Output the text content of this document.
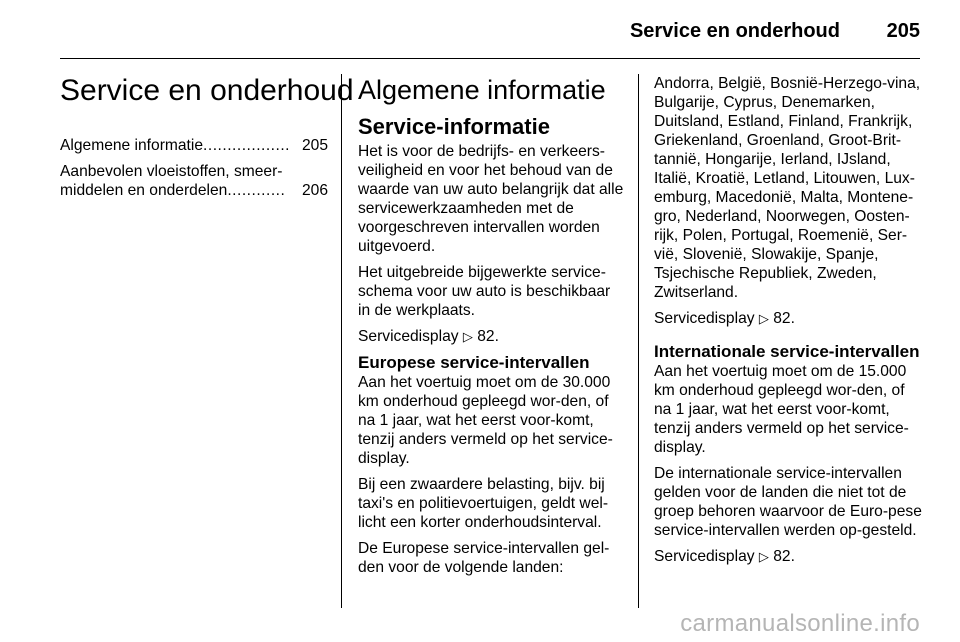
Service en onderhoud 205
Service en onderhoud
Algemene informatie .................. 205
Aanbevolen vloeistoffen, smeer-
middelen en onderdelen ............	206
Algemene informatie
Service-informatie

Het is voor de bedrijfs- en verkeers-veiligheid en voor het behoud van de waarde van uw auto belangrijk dat alle servicewerkzaamheden met de voorgeschreven intervallen worden uitgevoerd.

Het uitgebreide bijgewerkte service-schema voor uw auto is beschikbaar in de werkplaats.

Servicedisplay ▷ 82.

Europese service-intervallen

Aan het voertuig moet om de 30.000 km onderhoud gepleegd wor-den, of na 1 jaar, wat het eerst voor-komt, tenzij anders vermeld op het service-display.

Bij een zwaardere belasting, bijv. bij taxi's en politievoertuigen, geldt wel-licht een korter onderhoudsinterval.

De Europese service-intervallen gel-den voor de volgende landen:

Andorra, België, Bosnië-Herzego-vina, Bulgarije, Cyprus, Denemarken, Duitsland, Estland, Finland, Frankrijk, Griekenland, Groenland, Groot-Brit-tannië, Hongarije, Ierland, IJsland, Italië, Kroatië, Letland, Litouwen, Lux-emburg, Macedonië, Malta, Montene-gro, Nederland, Noorwegen, Oosten-rijk, Polen, Portugal, Roemenië, Ser-vië, Slovenië, Slowakije, Spanje, Tsjechische Republiek, Zweden, Zwitserland.

Servicedisplay ▷ 82.

Internationale service-intervallen

Aan het voertuig moet om de 15.000 km onderhoud gepleegd wor-den, of na 1 jaar, wat het eerst voor-komt, tenzij anders vermeld op het service-display.

De internationale service-intervallen gelden voor de landen die niet tot de groep behoren waarvoor de Euro-pese service-intervallen werden op-gesteld.

Servicedisplay ▷ 82.

carmanualsonline.info
